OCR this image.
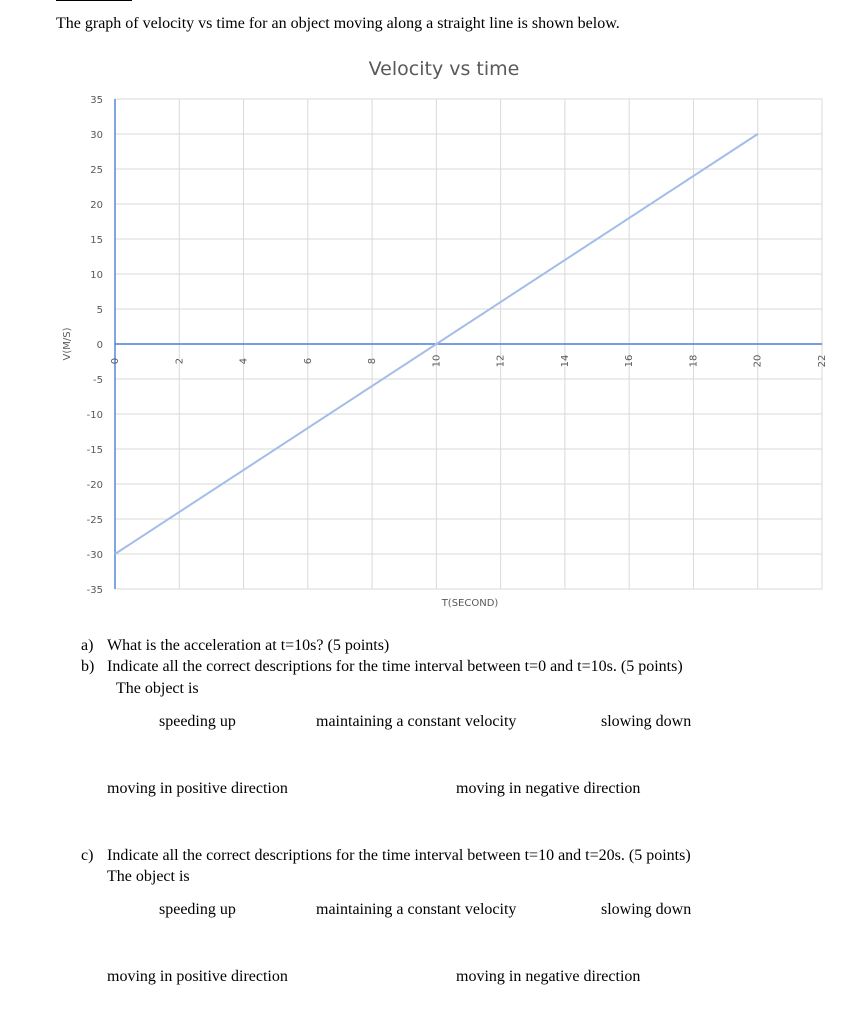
The graph of velocity vs time for an object moving along a straight line is shown below.
Velocity vs time
35
30
25
20
15
10
5
0
-5
-10
-15
-20
-25
-30
-35
0	2	4	6	8	10	12	14	16	18	20	22
T(SECOND)
V(M/S)
a) What is the acceleration at t=10s? (5 points)
b) Indicate all the correct descriptions for the time interval between t=0 and t=10s. (5 points)
The object is
speeding up	maintaining a constant velocity	slowing down
moving in positive direction	moving in negative direction
c) Indicate all the correct descriptions for the time interval between t=10 and t=20s. (5 points)
The object is
speeding up	maintaining a constant velocity	slowing down
moving in positive direction	moving in negative direction
